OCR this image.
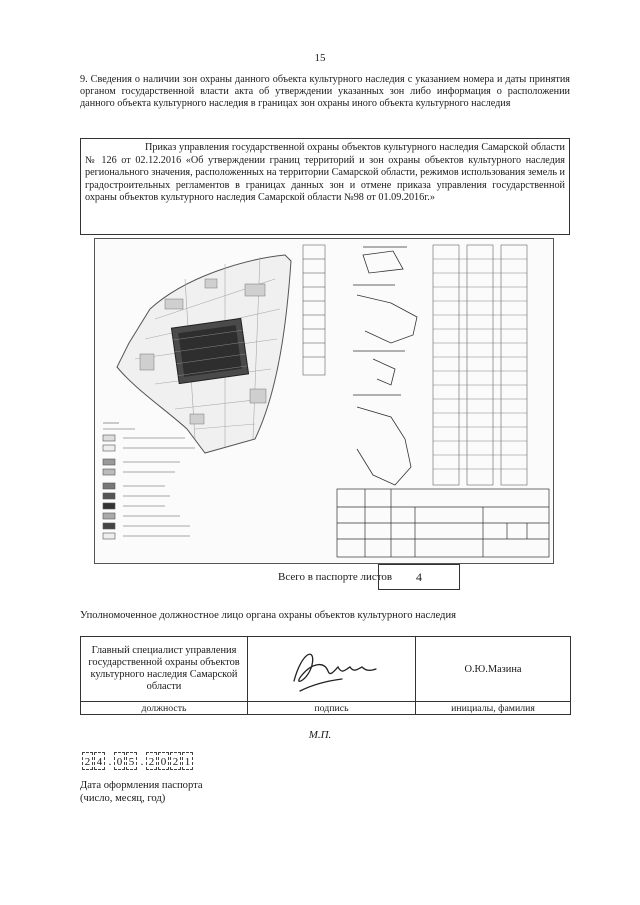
15
9. Сведения о наличии зон охраны данного объекта культурного наследия с указанием номера и даты принятия органом государственной власти акта об утверждении указанных зон либо информация о расположении данного объекта культурного наследия в границах зон охраны иного объекта культурного наследия
Приказ управления государственной охраны объектов культурного наследия Самарской области № 126 от 02.12.2016 «Об утверждении границ территорий и зон охраны объектов культурного наследия регионального значения, расположенных на территории Самарской области, режимов использования земель и градостроительных регламентов в границах данных зон и отмене приказа управления государственной охраны объектов культурного наследия Самарской области №98 от 01.09.2016г.»
Всего в паспорте листов	4
Уполномоченное должностное лицо органа охраны объектов культурного наследия
Главный специалист управления государственной охраны объектов культурного наследия Самарской области		О.Ю.Мазина
должность	подпись	инициалы, фамилия
М.П.
2 4 . 0 5 . 2 0 2 1
Дата оформления паспорта
(число, месяц, год)
